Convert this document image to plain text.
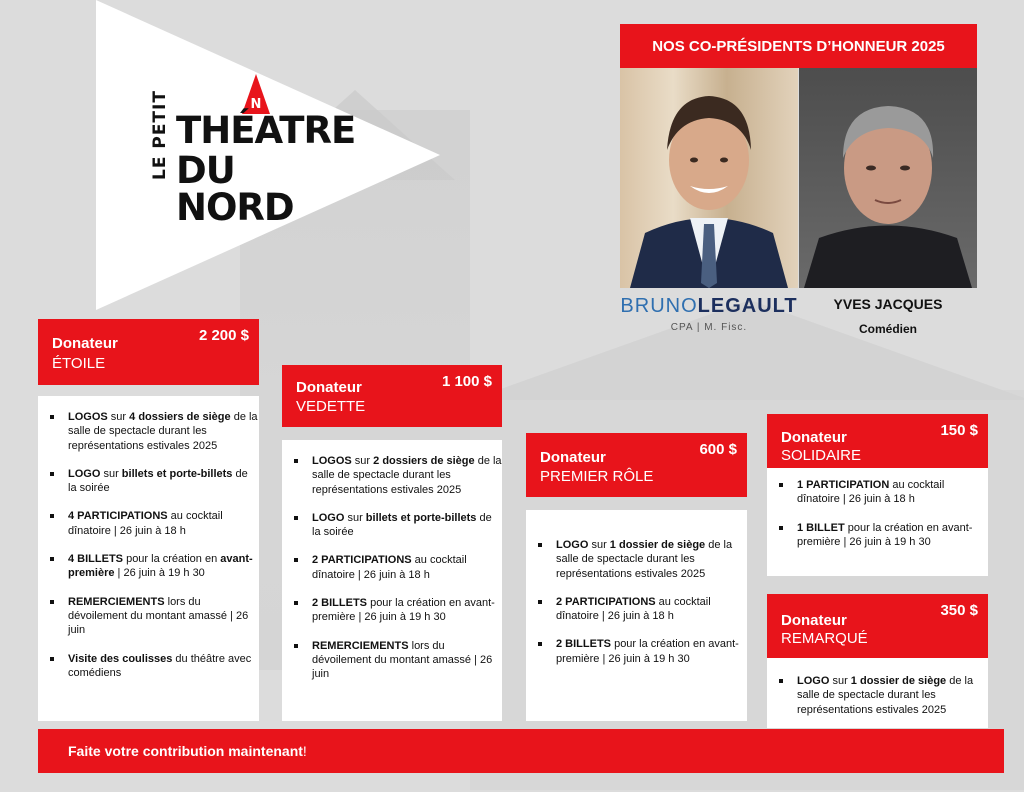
N
LE PETIT THÉATRE
DU NORD
NOS CO-PRÉSIDENTS D’HONNEUR 2025
BRUNOLEGAULT
CPA | M. Fisc.
YVES JACQUES
Comédien
Donateur
ÉTOILE
2 200 $
LOGOS sur 4 dossiers de siège de la salle de spectacle durant les représentations estivales 2025
LOGO sur billets et porte-billets de la soirée
4 PARTICIPATIONS au cocktail dînatoire | 26 juin à 18 h
4 BILLETS pour la création en avant-première | 26 juin à 19 h 30
REMERCIEMENTS lors du dévoilement du montant amassé | 26 juin
Visite des coulisses du théâtre avec comédiens
Donateur
VEDETTE
1 100 $
LOGOS sur 2 dossiers de siège de la salle de spectacle durant les représentations estivales 2025
LOGO sur billets et porte-billets de la soirée
2 PARTICIPATIONS au cocktail dînatoire | 26 juin à 18 h
2 BILLETS pour la création en avant-première | 26 juin à 19 h 30
REMERCIEMENTS lors du dévoilement du montant amassé | 26 juin
Donateur
PREMIER RÔLE
600 $
LOGO sur 1 dossier de siège de la salle de spectacle durant les représentations estivales 2025
2 PARTICIPATIONS au cocktail dînatoire | 26 juin à 18 h
2 BILLETS pour la création en avant-première | 26 juin à 19 h 30
Donateur
SOLIDAIRE
150 $
1 PARTICIPATION au cocktail dînatoire | 26 juin à 18 h
1 BILLET pour la création en avant-première | 26 juin à 19 h 30
Donateur
REMARQUÉ
350 $
LOGO sur 1 dossier de siège de la salle de spectacle durant les représentations estivales 2025
Faite votre contribution maintenant !
